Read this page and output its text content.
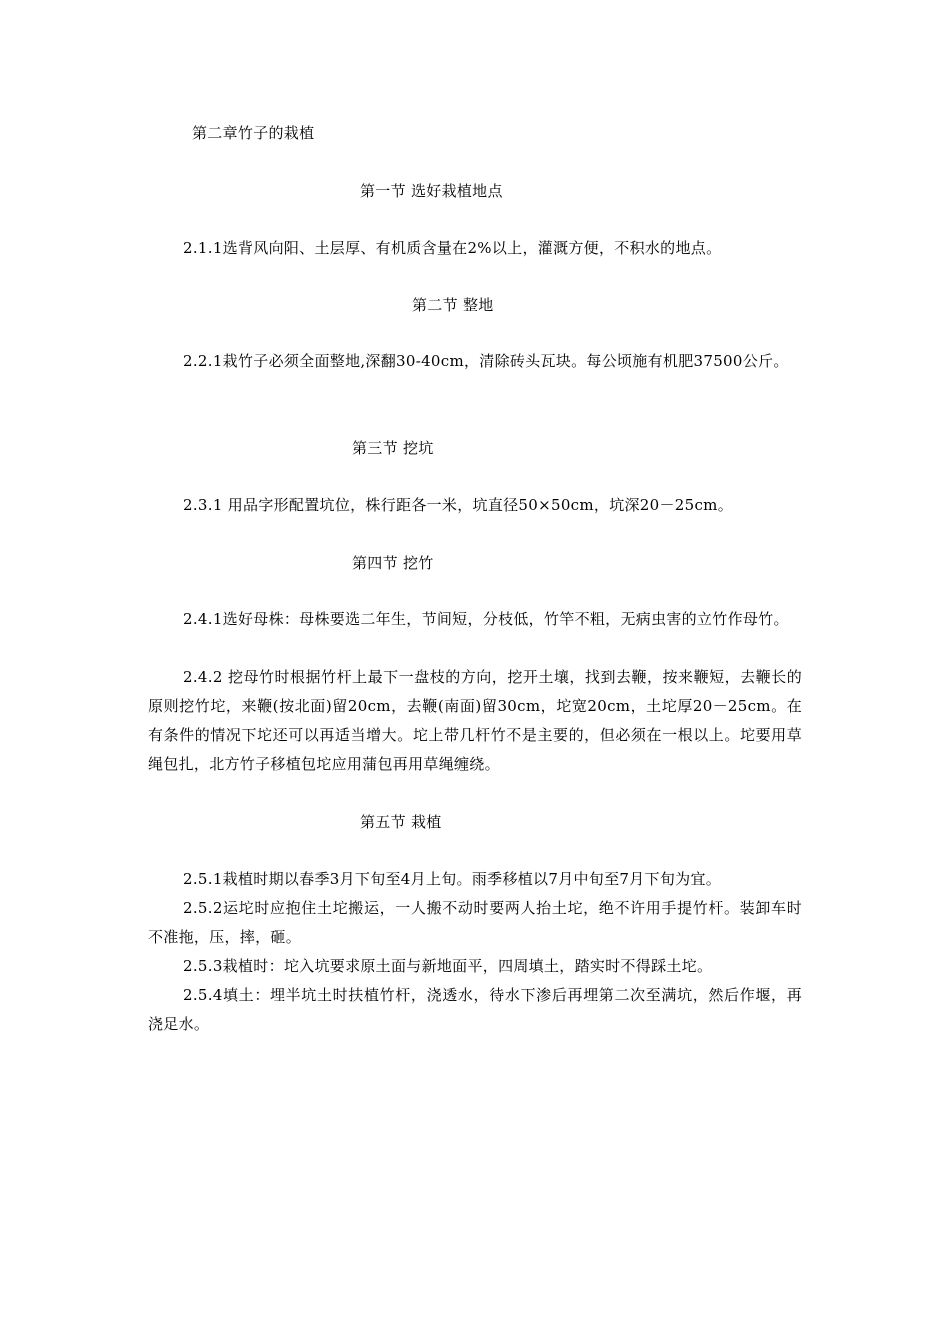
第二章竹子的栽植
第一节 选好栽植地点
2.1.1选背风向阳、土层厚、有机质含量在2%以上，灌溉方便，不积水的地点。
第二节 整地
2.2.1栽竹子必须全面整地,深翻30-40cm，清除砖头瓦块。每公顷施有机肥37500公斤。
第三节 挖坑
2.3.1 用品字形配置坑位，株行距各一米，坑直径50×50cm，坑深20－25cm。
第四节 挖竹
2.4.1选好母株：母株要选二年生，节间短，分枝低，竹竿不粗，无病虫害的立竹作母竹。
2.4.2 挖母竹时根据竹杆上最下一盘枝的方向，挖开土壤，找到去鞭，按来鞭短，去鞭长的原则挖竹坨，来鞭(按北面)留20cm，去鞭(南面)留30cm，坨宽20cm，土坨厚20－25cm。在有条件的情况下坨还可以再适当增大。坨上带几杆竹不是主要的，但必须在一根以上。坨要用草绳包扎，北方竹子移植包坨应用蒲包再用草绳缠绕。
第五节 栽植
2.5.1栽植时期以春季3月下旬至4月上旬。雨季移植以7月中旬至7月下旬为宜。
2.5.2运坨时应抱住土坨搬运，一人搬不动时要两人抬土坨，绝不许用手提竹杆。装卸车时不准拖，压，摔，砸。
2.5.3栽植时：坨入坑要求原土面与新地面平，四周填土，踏实时不得踩土坨。
2.5.4填土：埋半坑土时扶植竹杆，浇透水，待水下渗后再埋第二次至满坑，然后作堰，再浇足水。
